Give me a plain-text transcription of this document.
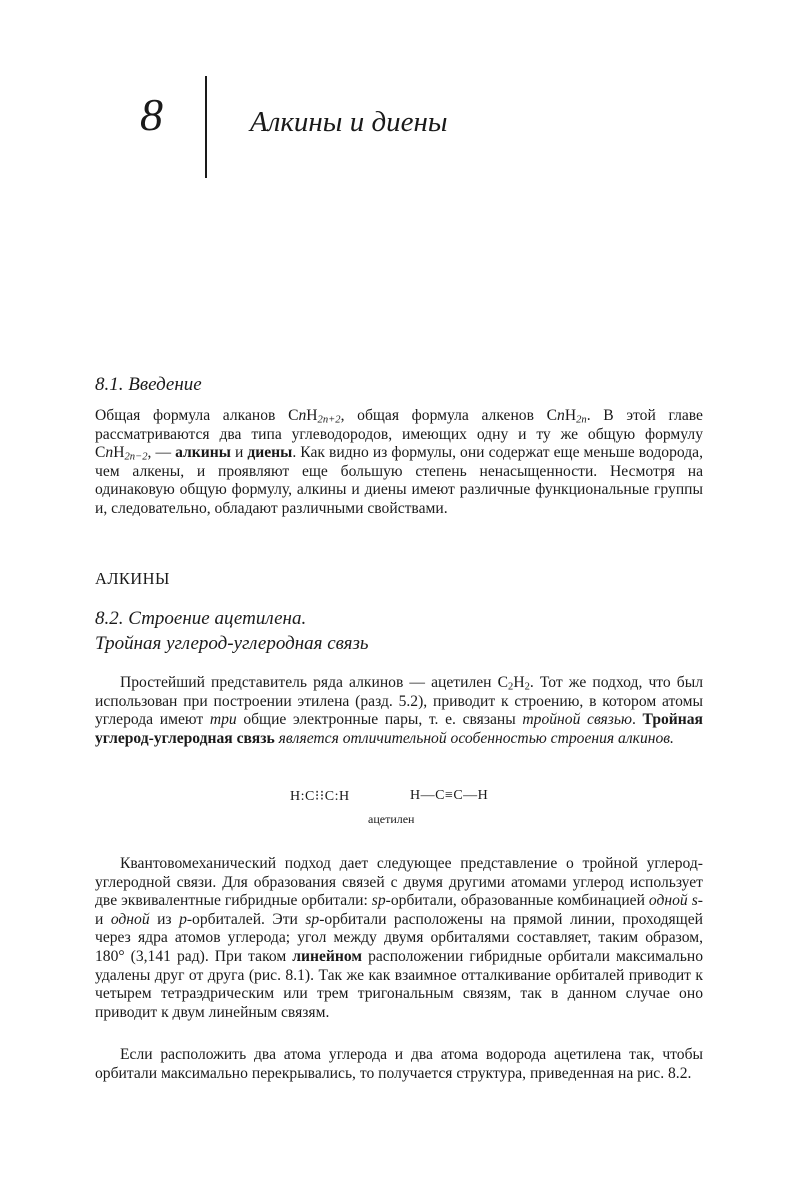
8	Алкины и диены
8.1. Введение

Общая формула алканов CnH$_{2n+2}$, общая формула алкенов CnH$_{2n}$. В этой главе рассматриваются два типа углеводородов, имеющих одну и ту же общую формулу CnH$_{2n-2}$, — алкины и диены. Как видно из формулы, они содержат еще меньше водорода, чем алкены, и проявляют еще большую степень ненасыщенности. Несмотря на одинаковую общую формулу, алкины и диены имеют различные функциональные группы и, следовательно, обладают различными свойствами.

АЛКИНЫ
8.2. Строение ацетилена.
Тройная углерод-углеродная связь

Простейший представитель ряда алкинов — ацетилен $C_2H_2$. Тот же подход, что был использован при построении этилена (разд. 5.2), приводит к строению, в котором атомы углерода имеют три общие электронные пары, т. е. связаны тройной связью. Тройная углерод-углеродная связь является отличительной особенностью строения алкинов.

H:C⁝⁝C:H	H—C≡C—H
ацетилен

Квантовомеханический подход дает следующее представление о тройной углерод-углеродной связи. Для образования связей с двумя другими атомами углерод использует две эквивалентные гибридные орбитали: sp-орбитали, образованные комбинацией одной s- и одной из p-орбиталей. Эти sp-орбитали расположены на прямой линии, проходящей через ядра атомов углерода; угол между двумя орбиталями составляет, таким образом, 180° (3,141 рад). При таком линейном расположении гибридные орбитали максимально удалены друг от друга (рис. 8.1). Так же как взаимное отталкивание орбиталей приводит к четырем тетраэдрическим или трем тригональным связям, так в данном случае оно приводит к двум линейным связям.

Если расположить два атома углерода и два атома водорода ацетилена так, чтобы орбитали максимально перекрывались, то получается структура, приведенная на рис. 8.2.
